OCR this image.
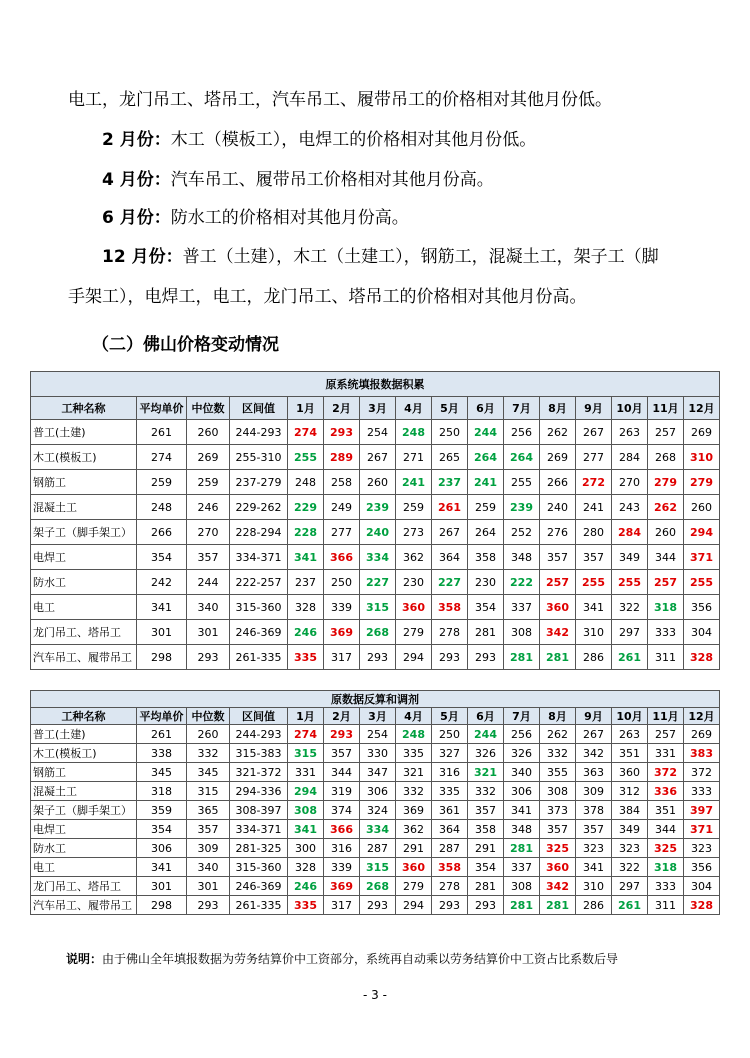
电工，龙门吊工、塔吊工，汽车吊工、履带吊工的价格相对其他月份低。
2 月份：木工（模板工），电焊工的价格相对其他月份低。
4 月份：汽车吊工、履带吊工价格相对其他月份高。
6 月份：防水工的价格相对其他月份高。
12 月份：普工（土建），木工（土建工），钢筋工，混凝土工，架子工（脚
手架工），电焊工，电工，龙门吊工、塔吊工的价格相对其他月份高。
（二）佛山价格变动情况
原系统填报数据积累															
工种名称	平均单价	中位数	区间值	1月	2月	3月	4月	5月	6月	7月	8月	9月	10月	11月	12月
普工(土建)	261	260	244-293	274	293	254	248	250	244	256	262	267	263	257	269
木工(模板工)	274	269	255-310	255	289	267	271	265	264	264	269	277	284	268	310
钢筋工	259	259	237-279	248	258	260	241	237	241	255	266	272	270	279	279
混凝土工	248	246	229-262	229	249	239	259	261	259	239	240	241	243	262	260
架子工（脚手架工）	266	270	228-294	228	277	240	273	267	264	252	276	280	284	260	294
电焊工	354	357	334-371	341	366	334	362	364	358	348	357	357	349	344	371
防水工	242	244	222-257	237	250	227	230	227	230	222	257	255	255	257	255
电工	341	340	315-360	328	339	315	360	358	354	337	360	341	322	318	356
龙门吊工、塔吊工	301	301	246-369	246	369	268	279	278	281	308	342	310	297	333	304
汽车吊工、履带吊工	298	293	261-335	335	317	293	294	293	293	281	281	286	261	311	328
原数据反算和调剂															
工种名称	平均单价	中位数	区间值	1月	2月	3月	4月	5月	6月	7月	8月	9月	10月	11月	12月
普工(土建)	261	260	244-293	274	293	254	248	250	244	256	262	267	263	257	269
木工(模板工)	338	332	315-383	315	357	330	335	327	326	326	332	342	351	331	383
钢筋工	345	345	321-372	331	344	347	321	316	321	340	355	363	360	372	372
混凝土工	318	315	294-336	294	319	306	332	335	332	306	308	309	312	336	333
架子工（脚手架工）	359	365	308-397	308	374	324	369	361	357	341	373	378	384	351	397
电焊工	354	357	334-371	341	366	334	362	364	358	348	357	357	349	344	371
防水工	306	309	281-325	300	316	287	291	287	291	281	325	323	323	325	323
电工	341	340	315-360	328	339	315	360	358	354	337	360	341	322	318	356
龙门吊工、塔吊工	301	301	246-369	246	369	268	279	278	281	308	342	310	297	333	304
汽车吊工、履带吊工	298	293	261-335	335	317	293	294	293	293	281	281	286	261	311	328
说明：由于佛山全年填报数据为劳务结算价中工资部分，系统再自动乘以劳务结算价中工资占比系数后导
- 3 -
